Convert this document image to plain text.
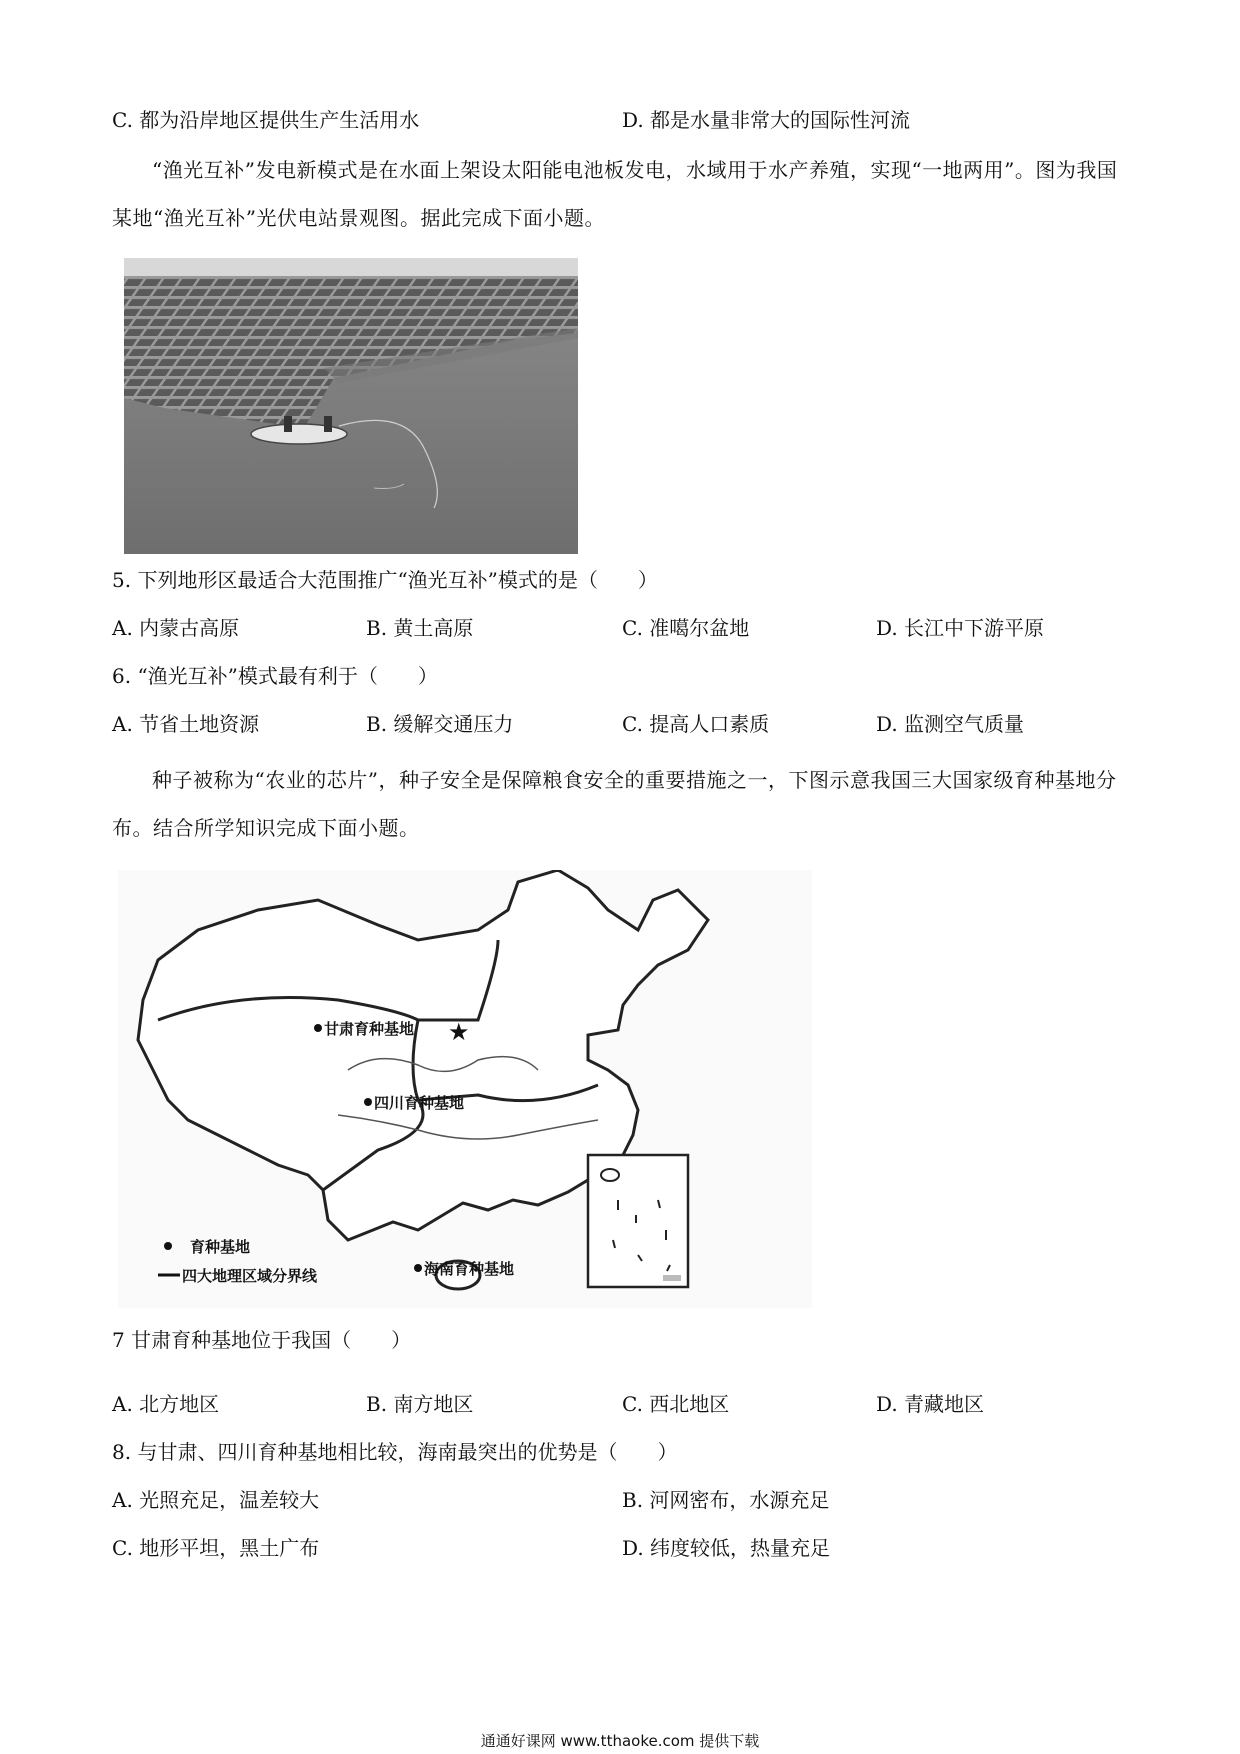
C. 都为沿岸地区提供生产生活用水	D. 都是水量非常大的国际性河流
“渔光互补”发电新模式是在水面上架设太阳能电池板发电，水域用于水产养殖，实现“一地两用”。图为我国某地“渔光互补”光伏电站景观图。据此完成下面小题。
5. 下列地形区最适合大范围推广“渔光互补”模式的是（　　）
A. 内蒙古高原	B. 黄土高原	C. 准噶尔盆地	D. 长江中下游平原
6. “渔光互补”模式最有利于（　　）
A. 节省土地资源	B. 缓解交通压力	C. 提高人口素质	D. 监测空气质量
种子被称为“农业的芯片”，种子安全是保障粮食安全的重要措施之一，下图示意我国三大国家级育种基地分布。结合所学知识完成下面小题。
★
甘肃育种基地
四川育种基地
海南育种基地
育种基地
四大地理区域分界线
7 甘肃育种基地位于我国（　　）
A. 北方地区	B. 南方地区	C. 西北地区	D. 青藏地区
8. 与甘肃、四川育种基地相比较，海南最突出的优势是（　　）
A. 光照充足，温差较大	B. 河网密布，水源充足
C. 地形平坦，黑土广布	D. 纬度较低，热量充足
通通好课网 www.tthaoke.com 提供下载
